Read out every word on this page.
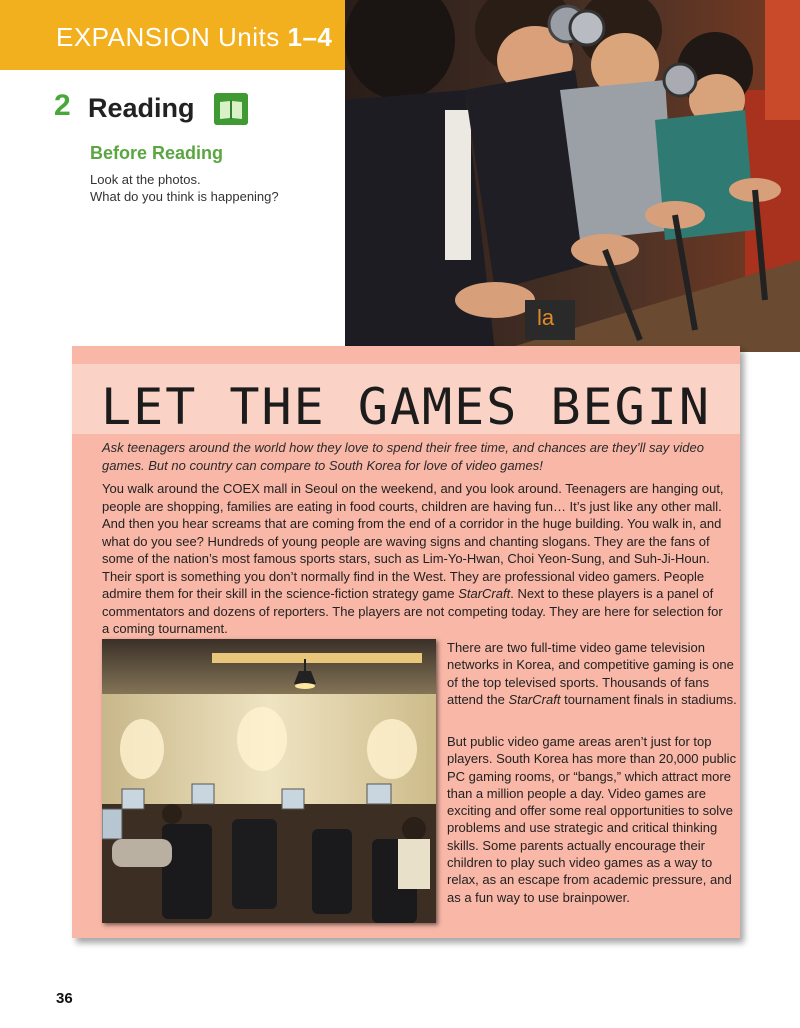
EXPANSION Units 1–4
2 Reading
Before Reading
Look at the photos.
What do you think is happening?
la
LET THE GAMES BEGIN
Ask teenagers around the world how they love to spend their free time, and chances are they’ll say video games. But no country can compare to South Korea for love of video games!
You walk around the COEX mall in Seoul on the weekend, and you look around. Teenagers are hanging out, people are shopping, families are eating in food courts, children are having fun… It’s just like any other mall. And then you hear screams that are coming from the end of a corridor in the huge building. You walk in, and what do you see? Hundreds of young people are waving signs and chanting slogans. They are the fans of some of the nation’s most famous sports stars, such as Lim-Yo-Hwan, Choi Yeon-Sung, and Suh-Ji-Houn. Their sport is something you don’t normally find in the West. They are professional video gamers. People admire them for their skill in the science-fiction strategy game StarCraft. Next to these players is a panel of commentators and dozens of reporters. The players are not competing today. They are here for selection for a coming tournament.
There are two full-time video game television networks in Korea, and competitive gaming is one of the top televised sports. Thousands of fans attend the StarCraft tournament finals in stadiums.
But public video game areas aren’t just for top players. South Korea has more than 20,000 public PC gaming rooms, or “bangs,” which attract more than a million people a day. Video games are exciting and offer some real opportunities to solve problems and use strategic and critical thinking skills. Some parents actually encourage their children to play such video games as a way to relax, as an escape from academic pressure, and as a fun way to use brainpower.
36
